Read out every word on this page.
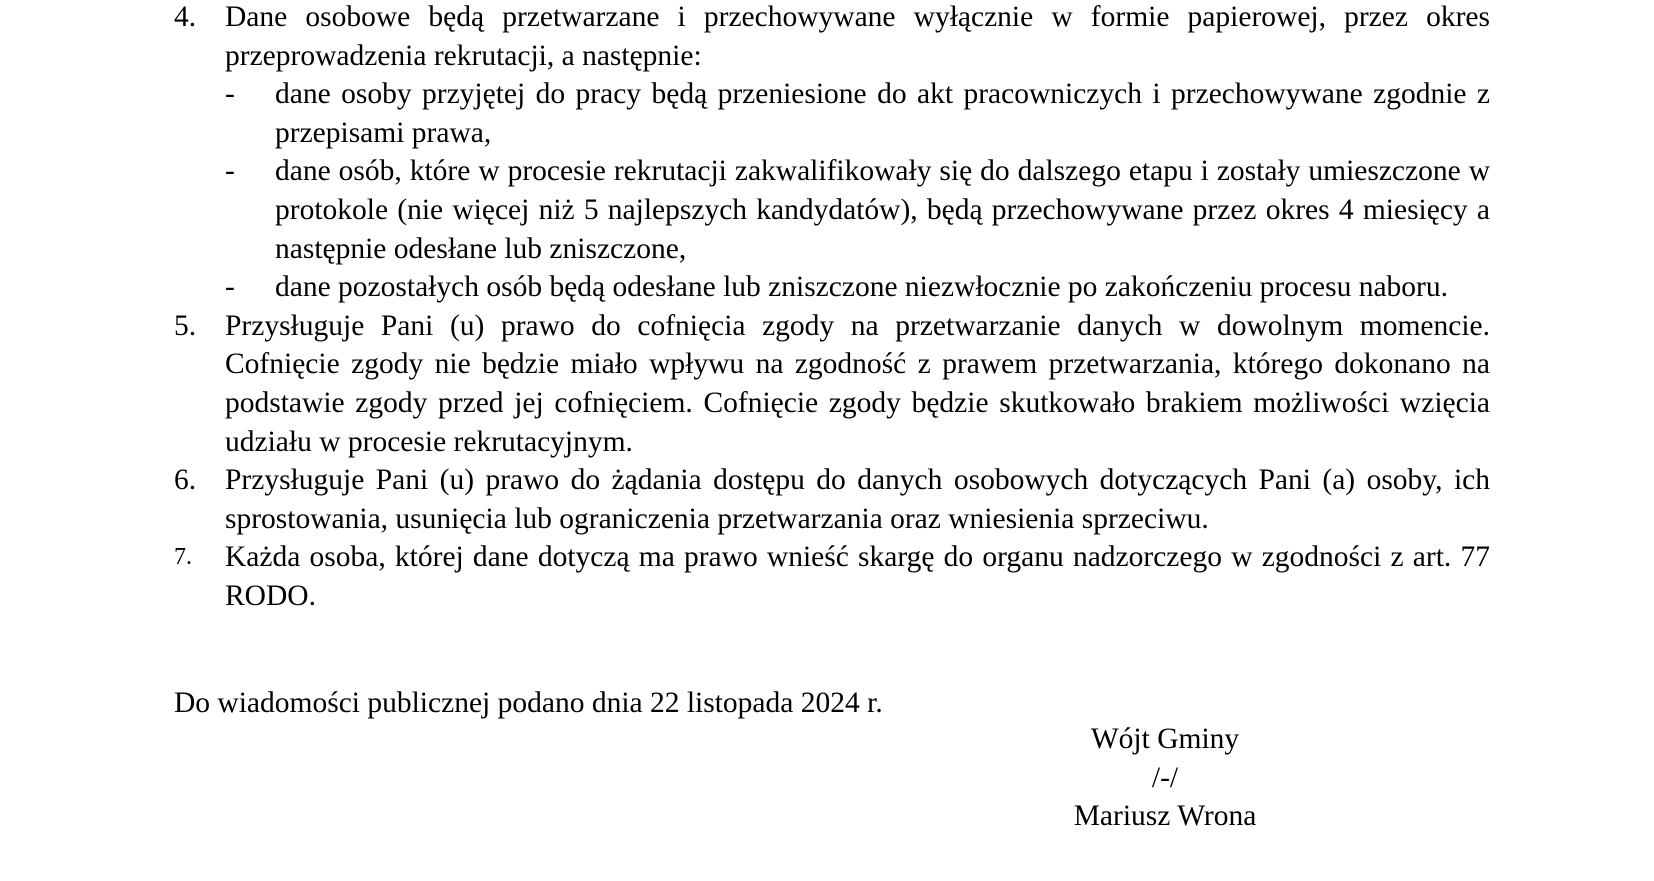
4. Dane osobowe będą przetwarzane i przechowywane wyłącznie w formie papierowej, przez okres przeprowadzenia rekrutacji, a następnie:
-	dane osoby przyjętej do pracy będą przeniesione do akt pracowniczych i przechowywane zgodnie z przepisami prawa,
-	dane osób, które w procesie rekrutacji zakwalifikowały się do dalszego etapu i zostały umieszczone w protokole (nie więcej niż 5 najlepszych kandydatów), będą przechowywane przez okres 4 miesięcy a następnie odesłane lub zniszczone,
-	dane pozostałych osób będą odesłane lub zniszczone niezwłocznie po zakończeniu procesu naboru.
5. Przysługuje Pani (u) prawo do cofnięcia zgody na przetwarzanie danych w dowolnym momencie. Cofnięcie zgody nie będzie miało wpływu na zgodność z prawem przetwarzania, którego dokonano na podstawie zgody przed jej cofnięciem. Cofnięcie zgody będzie skutkowało brakiem możliwości wzięcia udziału w procesie rekrutacyjnym.
6. Przysługuje Pani (u) prawo do żądania dostępu do danych osobowych dotyczących Pani (a) osoby, ich sprostowania, usunięcia lub ograniczenia przetwarzania oraz wniesienia sprzeciwu.
7.	Każda osoba, której dane dotyczą ma prawo wnieść skargę do organu nadzorczego w zgodności z art. 77 RODO.
Do wiadomości publicznej podano dnia 22 listopada 2024 r.
Wójt Gminy
/-/
Mariusz Wrona
